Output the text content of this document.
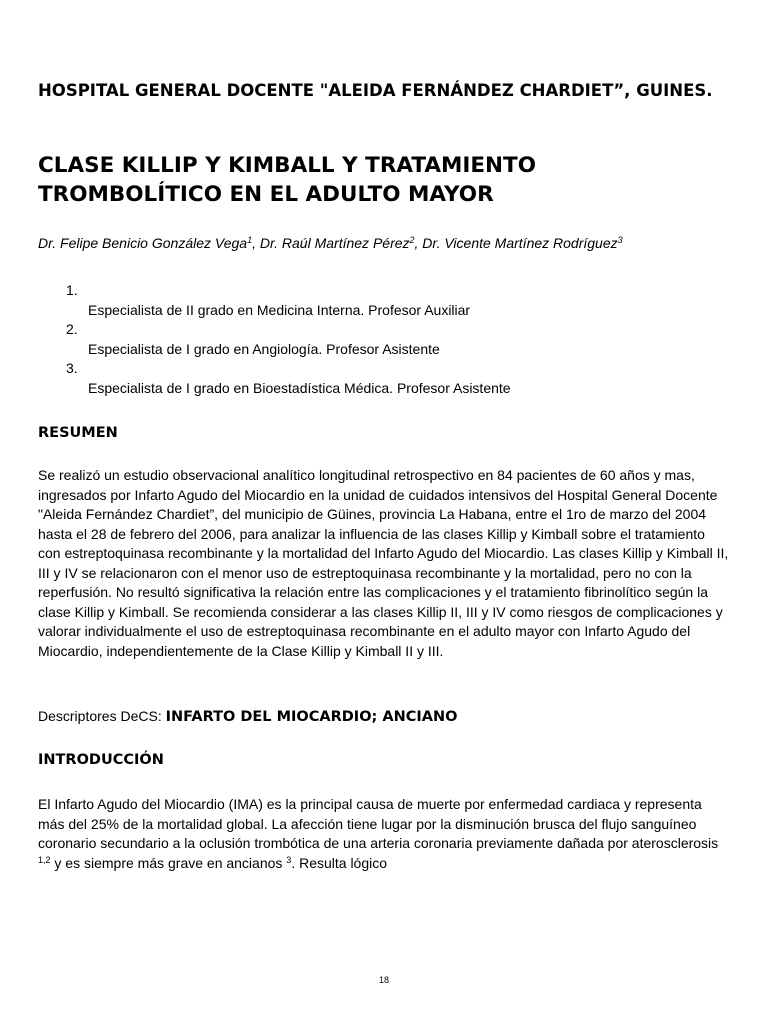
HOSPITAL GENERAL DOCENTE "ALEIDA FERNÁNDEZ CHARDIET”, GUINES.

CLASE KILLIP Y KIMBALL Y TRATAMIENTO
TROMBOLÍTICO EN EL ADULTO MAYOR

Dr. Felipe Benicio González Vega$^1$, Dr. Raúl Martínez Pérez$^2$, Dr. Vicente Martínez Rodríguez$^3$

1.
Especialista de II grado en Medicina Interna. Profesor Auxiliar
2.
Especialista de I grado en Angiología. Profesor Asistente
3.
Especialista de I grado en Bioestadística Médica. Profesor Asistente
RESUMEN

Se realizó un estudio observacional analítico longitudinal retrospectivo en 84 pacientes de 60 años y mas, ingresados por Infarto Agudo del Miocardio en la unidad de cuidados intensivos del Hospital General Docente "Aleida Fernández Chardiet”, del municipio de Güines, provincia La Habana, entre el 1ro de marzo del 2004 hasta el 28 de febrero del 2006, para analizar la influencia de las clases Killip y Kimball sobre el tratamiento con estreptoquinasa recombinante y la mortalidad del Infarto Agudo del Miocardio. Las clases Killip y Kimball II, III y IV se relacionaron con el menor uso de estreptoquinasa recombinante y la mortalidad, pero no con la reperfusión. No resultó significativa la relación entre las complicaciones y el tratamiento fibrinolítico según la clase Killip y Kimball. Se recomienda considerar a las clases Killip II, III y IV como riesgos de complicaciones y valorar individualmente el uso de estreptoquinasa recombinante en el adulto mayor con Infarto Agudo del Miocardio, independientemente de la Clase Killip y Kimball II y III.

Descriptores DeCS: INFARTO DEL MIOCARDIO; ANCIANO

INTRODUCCIÓN

El Infarto Agudo del Miocardio (IMA) es la principal causa de muerte por enfermedad cardiaca y representa más del 25% de la mortalidad global. La afección tiene lugar por la disminución brusca del flujo sanguíneo coronario secundario a la oclusión trombótica de una arteria coronaria previamente dañada por aterosclerosis $^{1,2}$ y es siempre más grave en ancianos $^3$. Resulta lógico

18
